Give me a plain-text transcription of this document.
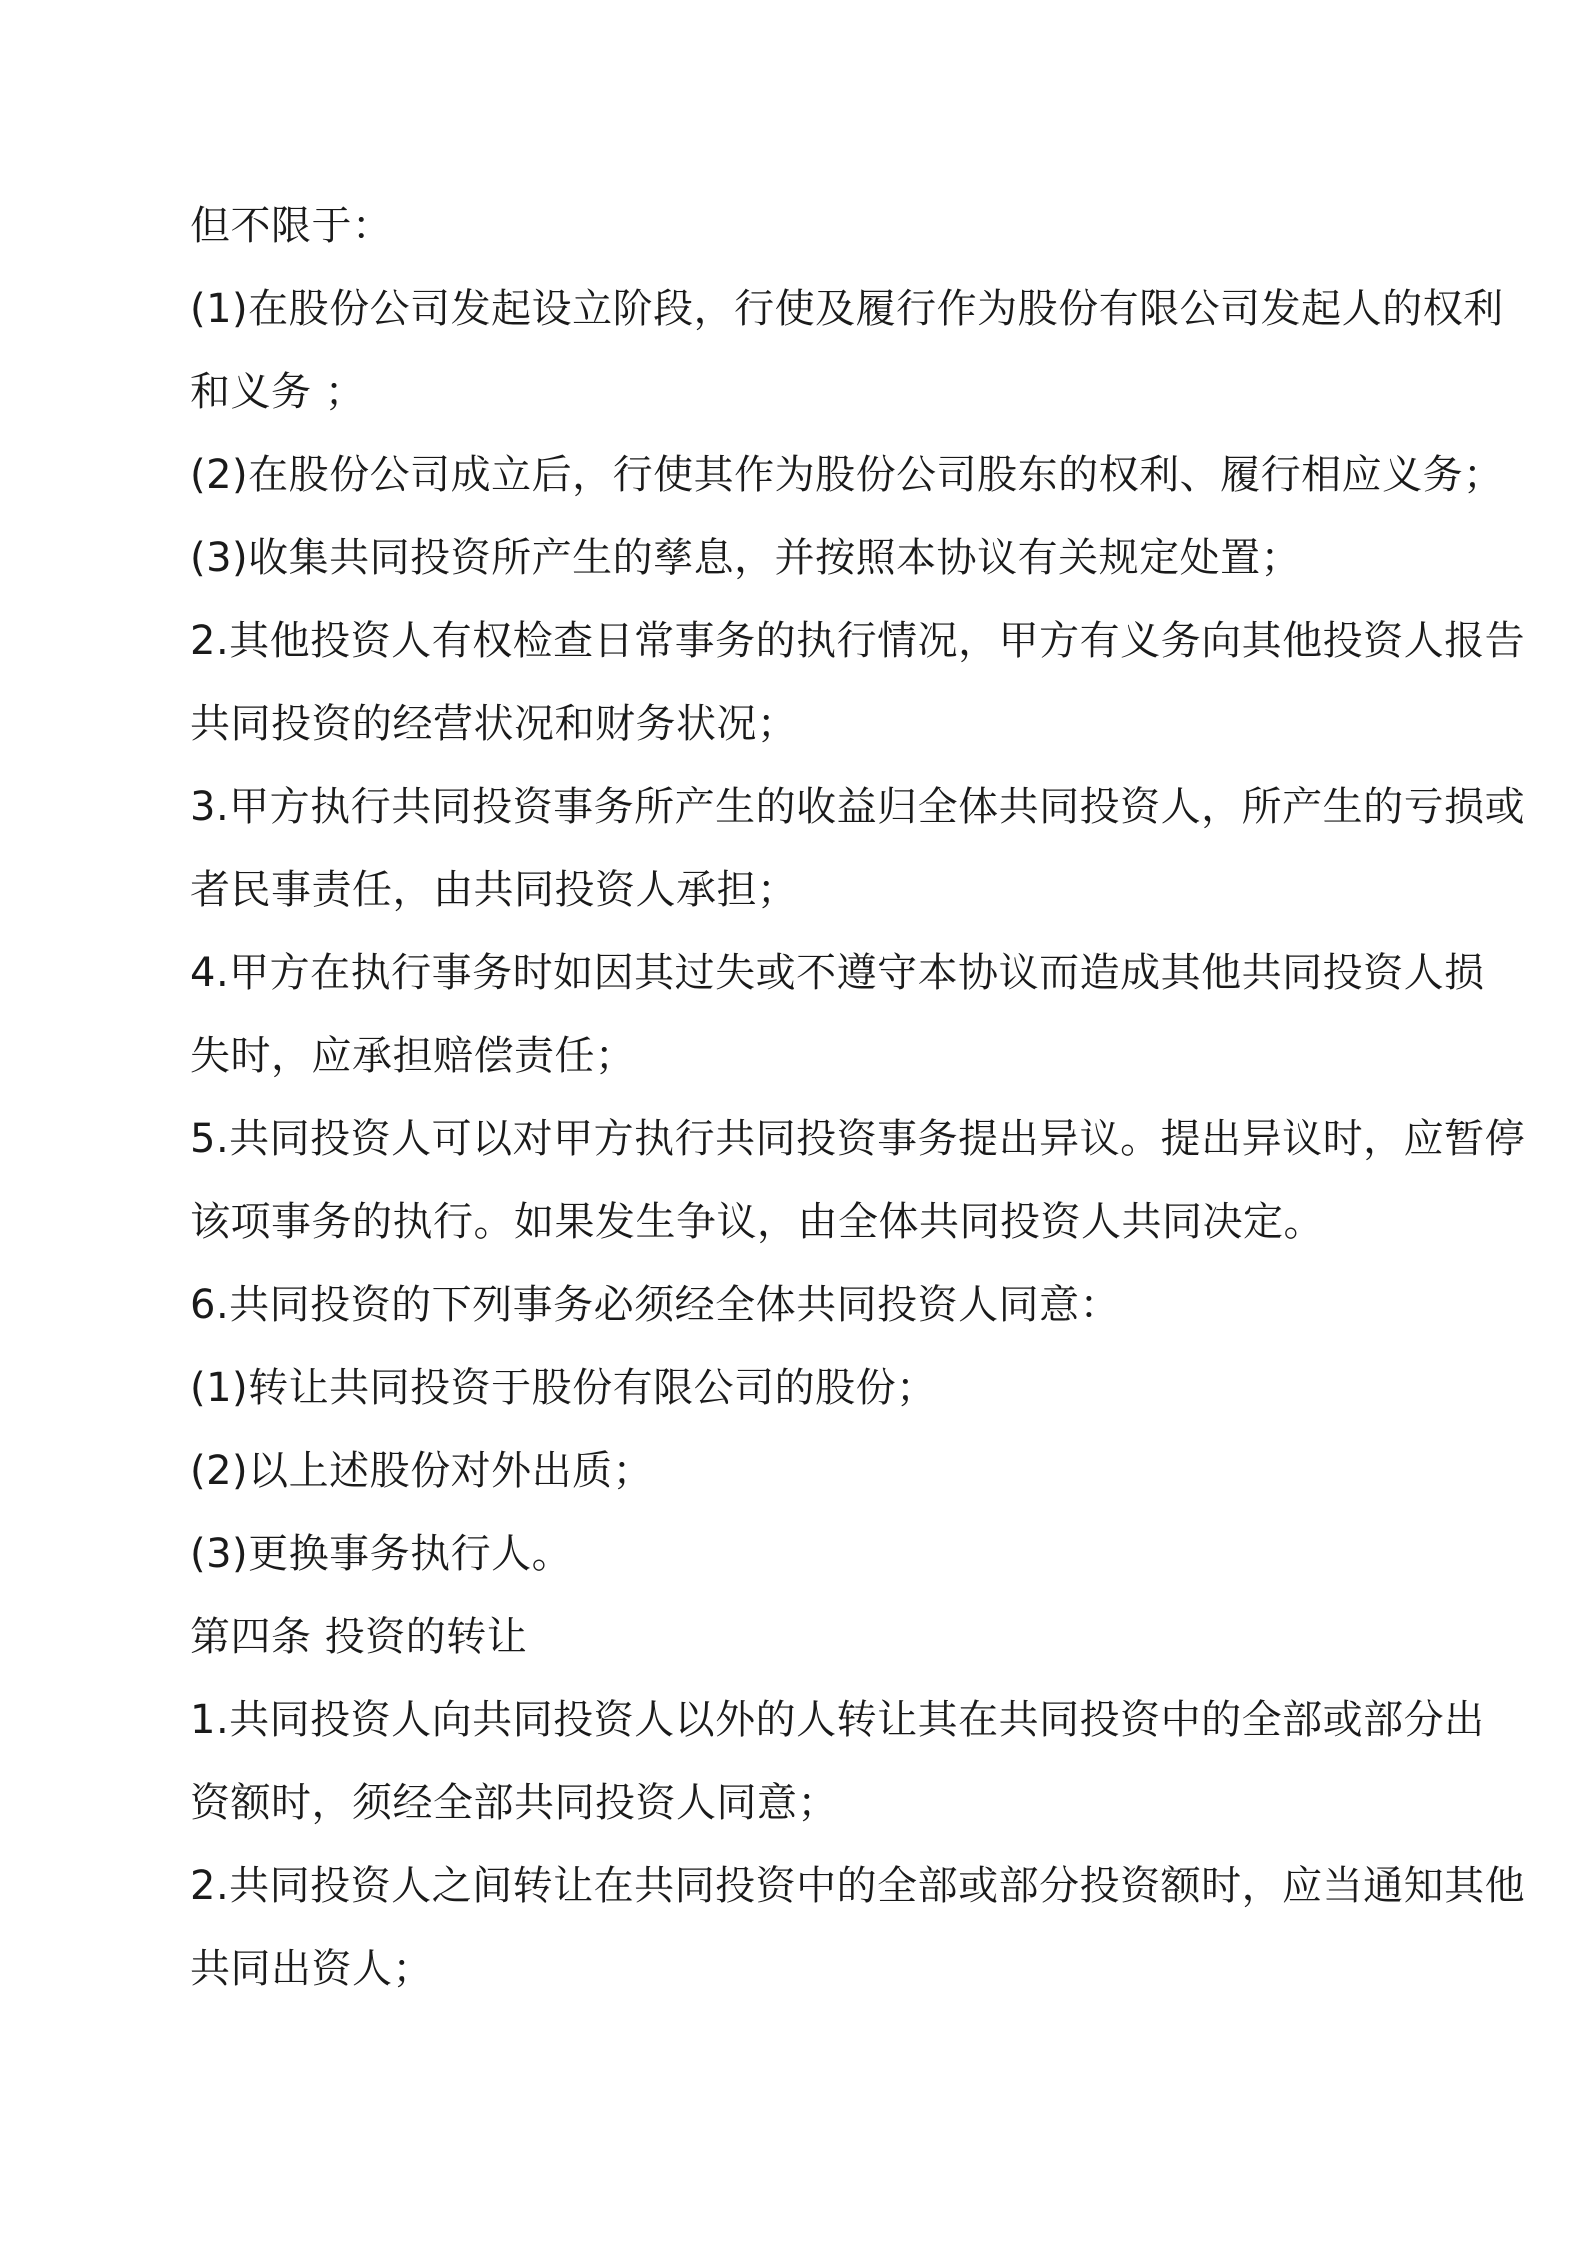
但不限于：
(1)在股份公司发起设立阶段，行使及履行作为股份有限公司发起人的权利
和义务 ；
(2)在股份公司成立后，行使其作为股份公司股东的权利、履行相应义务；
(3)收集共同投资所产生的孳息，并按照本协议有关规定处置；
2.其他投资人有权检查日常事务的执行情况，甲方有义务向其他投资人报告
共同投资的经营状况和财务状况；
3.甲方执行共同投资事务所产生的收益归全体共同投资人，所产生的亏损或
者民事责任，由共同投资人承担；
4.甲方在执行事务时如因其过失或不遵守本协议而造成其他共同投资人损
失时，应承担赔偿责任；
5.共同投资人可以对甲方执行共同投资事务提出异议。提出异议时，应暂停
该项事务的执行。如果发生争议，由全体共同投资人共同决定。
6.共同投资的下列事务必须经全体共同投资人同意：
(1)转让共同投资于股份有限公司的股份；
(2)以上述股份对外出质；
(3)更换事务执行人。
第四条 投资的转让
1.共同投资人向共同投资人以外的人转让其在共同投资中的全部或部分出
资额时，须经全部共同投资人同意；
2.共同投资人之间转让在共同投资中的全部或部分投资额时，应当通知其他
共同出资人；
